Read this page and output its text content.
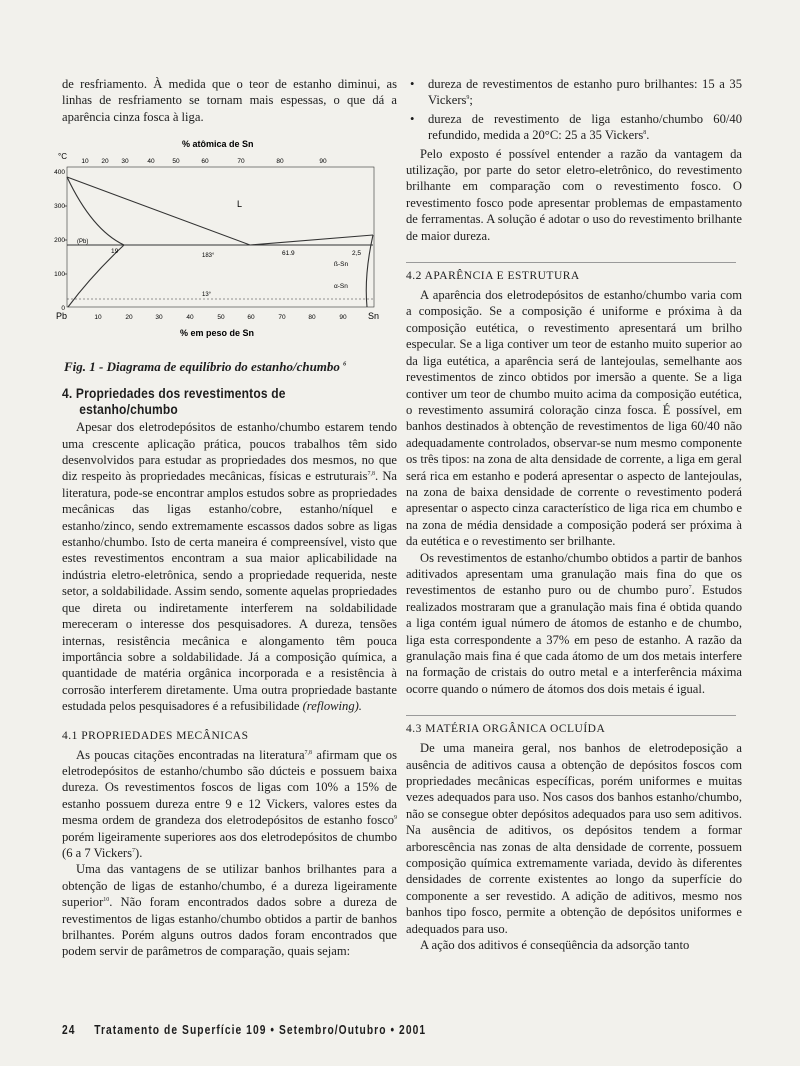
de resfriamento. À medida que o teor de estanho diminui, as linhas de resfriamento se tornam mais espessas, o que dá a aparência cinza fosca à liga.

% atômica de Sn
°C
10 20 30	40	50	60	70	80	90
400
300
200
100
0
L
(Pb)
19
183°	61.9	2,5
ß-Sn
α-Sn
13°
Pb	Sn
10	20	30	40	50	60	70	80	90
% em peso de Sn
Fig. 1 - Diagrama de equilíbrio do estanho/chumbo $^6$
4. Propriedades dos revestimentos de
estanho/chumbo

Apesar dos eletrodepósitos de estanho/chumbo estarem tendo uma crescente aplicação prática, poucos trabalhos têm sido desenvolvidos para estudar as propriedades dos mesmos, no que diz respeito às propriedades mecânicas, físicas e estruturais$^{7,8}$. Na literatura, pode-se encontrar amplos estudos sobre as propriedades mecânicas das ligas estanho/cobre, estanho/níquel e estanho/zinco, sendo extremamente escassos dados sobre as ligas estanho/chumbo. Isto de certa maneira é compreensível, visto que estes revestimentos encontram a sua maior aplicabilidade na indústria eletro-eletrônica, sendo a propriedade requerida, neste setor, a soldabilidade. Assim sendo, somente aquelas propriedades que direta ou indiretamente interferem na soldabilidade mereceram o interesse dos pesquisadores. A dureza, tensões internas, resistência mecânica e alongamento têm pouca importância sobre a soldabilidade. Já a composição química, a quantidade de matéria orgânica incorporada e a resistência à corrosão interferem diretamente. Uma outra propriedade bastante estudada pelos pesquisadores é a refusibilidade (reflowing).

4.1 PROPRIEDADES MECÂNICAS

As poucas citações encontradas na literatura$^{7,8}$ afirmam que os eletrodepósitos de estanho/chumbo são dúcteis e possuem baixa dureza. Os revestimentos foscos de ligas com 10% a 15% de estanho possuem dureza entre 9 e 12 Vickers, valores estes da mesma ordem de grandeza dos eletrodepósitos de estanho fosco$^9$ porém ligeiramente superiores aos dos eletrodepósitos de chumbo (6 a 7 Vickers$^7$).

Uma das vantagens de se utilizar banhos brilhantes para a obtenção de ligas de estanho/chumbo, é a dureza ligeiramente superior$^{10}$. Não foram encontrados dados sobre a dureza de revestimentos de ligas estanho/chumbo obtidos a partir de banhos brilhantes. Porém alguns outros dados foram encontrados que podem servir de parâmetros de comparação, quais sejam:

• dureza de revestimentos de estanho puro brilhantes: 15 a 35 Vickers$^9$;
• dureza de revestimento de liga estanho/chumbo 60/40 refundido, medida a 20°C: 25 a 35 Vickers$^8$.

Pelo exposto é possível entender a razão da vantagem da utilização, por parte do setor eletro-eletrônico, do revestimento brilhante em comparação com o revestimento fosco. O revestimento fosco pode apresentar problemas de empastamento de ferramentas. A solução é adotar o uso do revestimento brilhante de maior dureza.

4.2 APARÊNCIA E ESTRUTURA

A aparência dos eletrodepósitos de estanho/chumbo varia com a composição. Se a composição é uniforme e próxima à da composição eutética, o revestimento apresentará um brilho especular. Se a liga contiver um teor de estanho muito superior ao da liga eutética, a aparência será de lantejoulas, semelhante aos revestimentos de zinco obtidos por imersão a quente. Se a liga contiver um teor de chumbo muito acima da composição eutética, o revestimento assumirá coloração cinza fosca. É possível, em banhos destinados à obtenção de revestimentos de liga 60/40 não adequadamente controlados, observar-se num mesmo componente os três tipos: na zona de alta densidade de corrente, a liga em geral será rica em estanho e poderá apresentar o aspecto de lantejoulas, na zona de baixa densidade de corrente o revestimento poderá apresentar o aspecto cinza característico de liga rica em chumbo e na zona de média densidade a composição poderá ser próxima à da eutética e o revestimento ser brilhante.

Os revestimentos de estanho/chumbo obtidos a partir de banhos aditivados apresentam uma granulação mais fina do que os revestimentos de estanho puro ou de chumbo puro$^7$. Estudos realizados mostraram que a granulação mais fina é obtida quando a liga contém igual número de átomos de estanho e de chumbo, liga esta correspondente a 37% em peso de estanho. A razão da granulação mais fina é que cada átomo de um dos metais interfere na formação de cristais do outro metal e a interferência máxima ocorre quando o número de átomos dos dois metais é igual.

4.3 MATÉRIA ORGÂNICA OCLUÍDA

De uma maneira geral, nos banhos de eletrodeposição a ausência de aditivos causa a obtenção de depósitos foscos com propriedades mecânicas específicas, porém uniformes e muitas vezes adequados para uso. Nos casos dos banhos estanho/chumbo, não se consegue obter depósitos adequados para uso sem aditivos. Na ausência de aditivos, os depósitos tendem a formar arborescência nas zonas de alta densidade de corrente, possuem composição química extremamente variada, devido às diferentes densidades de corrente existentes ao longo da superfície do componente a ser revestido. A adição de aditivos, mesmo nos banhos tipo fosco, permite a obtenção de depósitos uniformes e adequados para uso.

A ação dos aditivos é conseqüência da adsorção tanto

24 Tratamento de Superfície 109 • Setembro/Outubro • 2001
